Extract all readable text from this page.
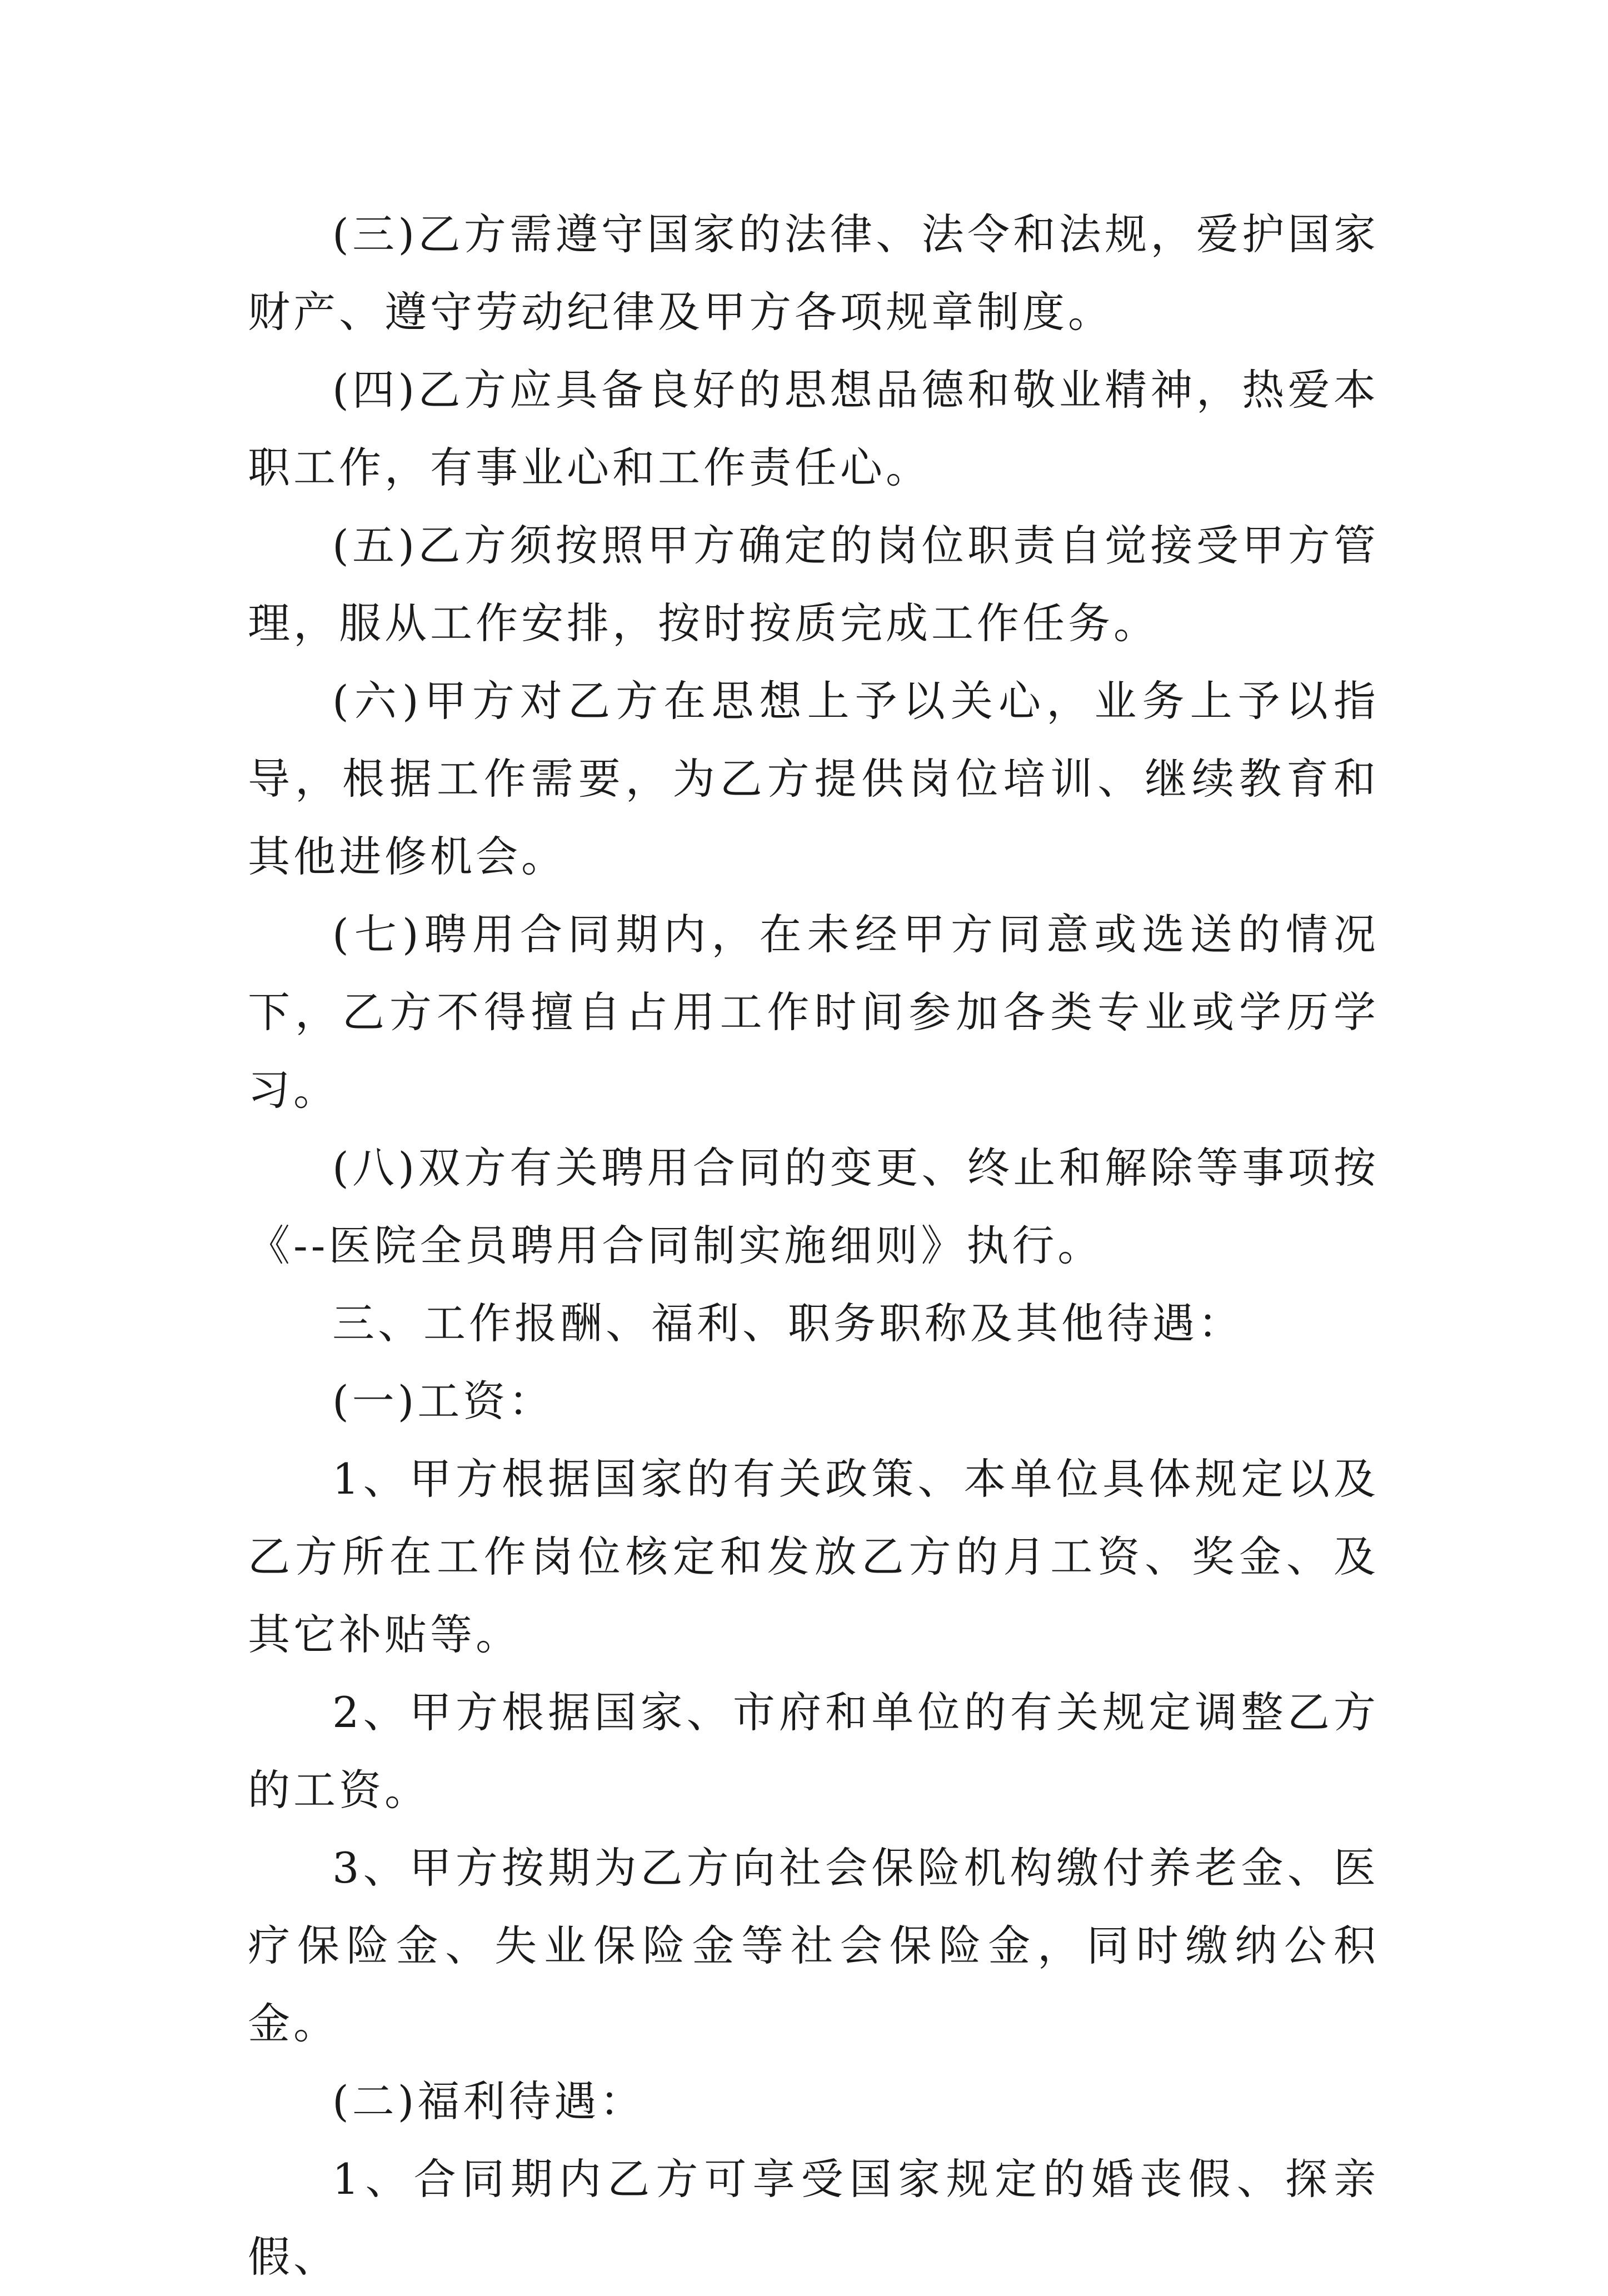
(三)乙方需遵守国家的法律、法令和法规，爱护国家财产、遵守劳动纪律及甲方各项规章制度。

(四)乙方应具备良好的思想品德和敬业精神，热爱本职工作，有事业心和工作责任心。

(五)乙方须按照甲方确定的岗位职责自觉接受甲方管理，服从工作安排，按时按质完成工作任务。

(六)甲方对乙方在思想上予以关心，业务上予以指导，根据工作需要，为乙方提供岗位培训、继续教育和其他进修机会。

(七)聘用合同期内，在未经甲方同意或选送的情况下，乙方不得擅自占用工作时间参加各类专业或学历学习。

(八)双方有关聘用合同的变更、终止和解除等事项按《--医院全员聘用合同制实施细则》执行。

三、工作报酬、福利、职务职称及其他待遇：

(一)工资：

1、甲方根据国家的有关政策、本单位具体规定以及乙方所在工作岗位核定和发放乙方的月工资、奖金、及其它补贴等。

2、甲方根据国家、市府和单位的有关规定调整乙方的工资。

3、甲方按期为乙方向社会保险机构缴付养老金、医疗保险金、失业保险金等社会保险金，同时缴纳公积金。

(二)福利待遇：

1、合同期内乙方可享受国家规定的婚丧假、探亲假、
